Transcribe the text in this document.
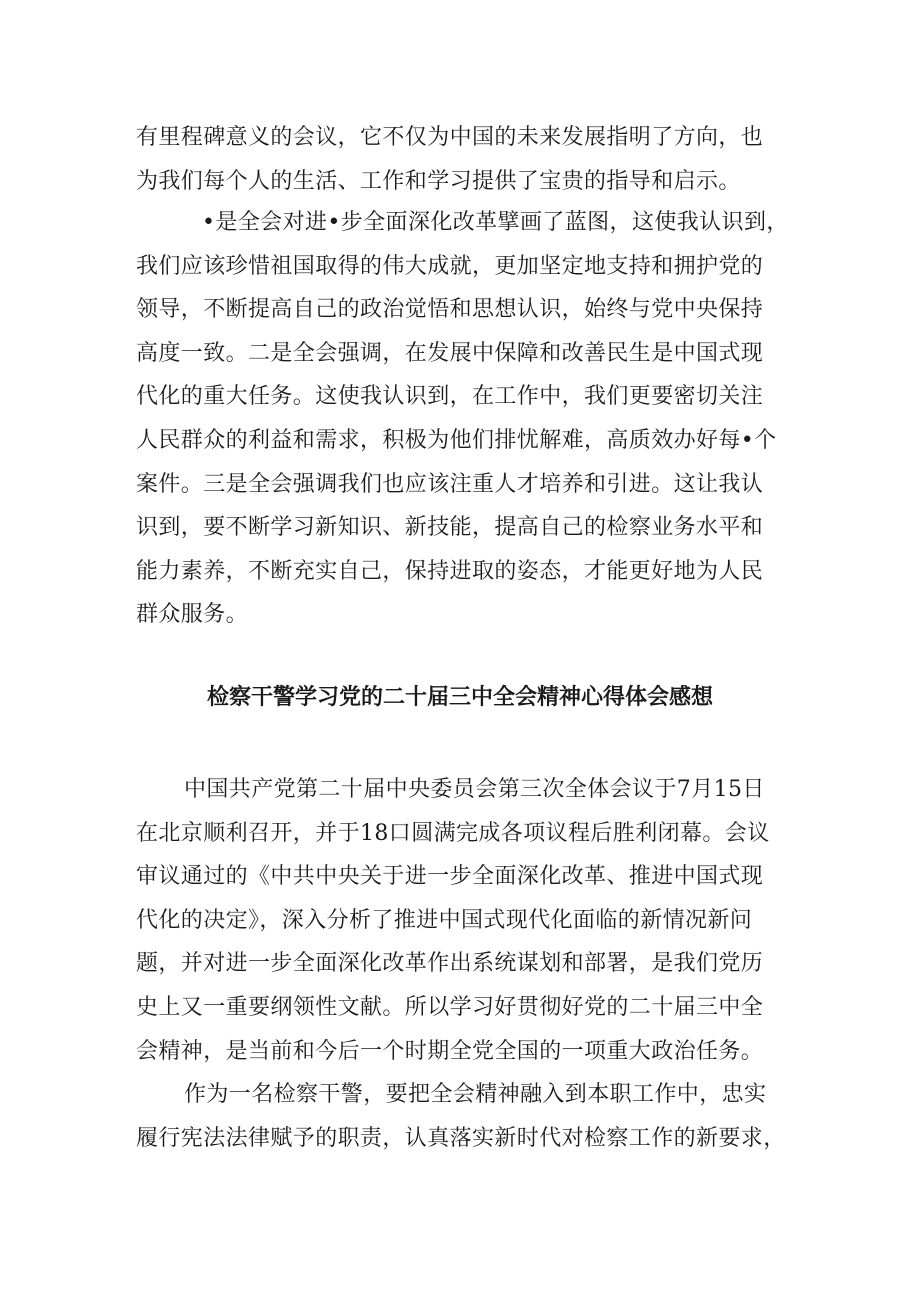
有里程碑意义的会议，它不仅为中国的未来发展指明了方向，也
为我们每个人的生活、工作和学习提供了宝贵的指导和启示。

•是全会对进•步全面深化改革擘画了蓝图，这使我认识到，
我们应该珍惜祖国取得的伟大成就，更加坚定地支持和拥护党的
领导，不断提高自己的政治觉悟和思想认识，始终与党中央保持
高度一致。二是全会强调，在发展中保障和改善民生是中国式现
代化的重大任务。这使我认识到，在工作中，我们更要密切关注
人民群众的利益和需求，积极为他们排忧解难，高质效办好每•个
案件。三是全会强调我们也应该注重人才培养和引进。这让我认
识到，要不断学习新知识、新技能，提高自己的检察业务水平和
能力素养，不断充实自己，保持进取的姿态，才能更好地为人民
群众服务。

检察干警学习党的二十届三中全会精神心得体会感想

中国共产党第二十届中央委员会第三次全体会议于7月15日
在北京顺利召开，并于18口圆满完成各项议程后胜利闭幕。会议
审议通过的《中共中央关于进一步全面深化改革、推进中国式现
代化的决定》，深入分析了推进中国式现代化面临的新情况新问
题，并对进一步全面深化改革作出系统谋划和部署，是我们党历
史上又一重要纲领性文献。所以学习好贯彻好党的二十届三中全
会精神，是当前和今后一个时期全党全国的一项重大政治任务。

作为一名检察干警，要把全会精神融入到本职工作中，忠实
履行宪法法律赋予的职责，认真落实新时代对检察工作的新要求，
